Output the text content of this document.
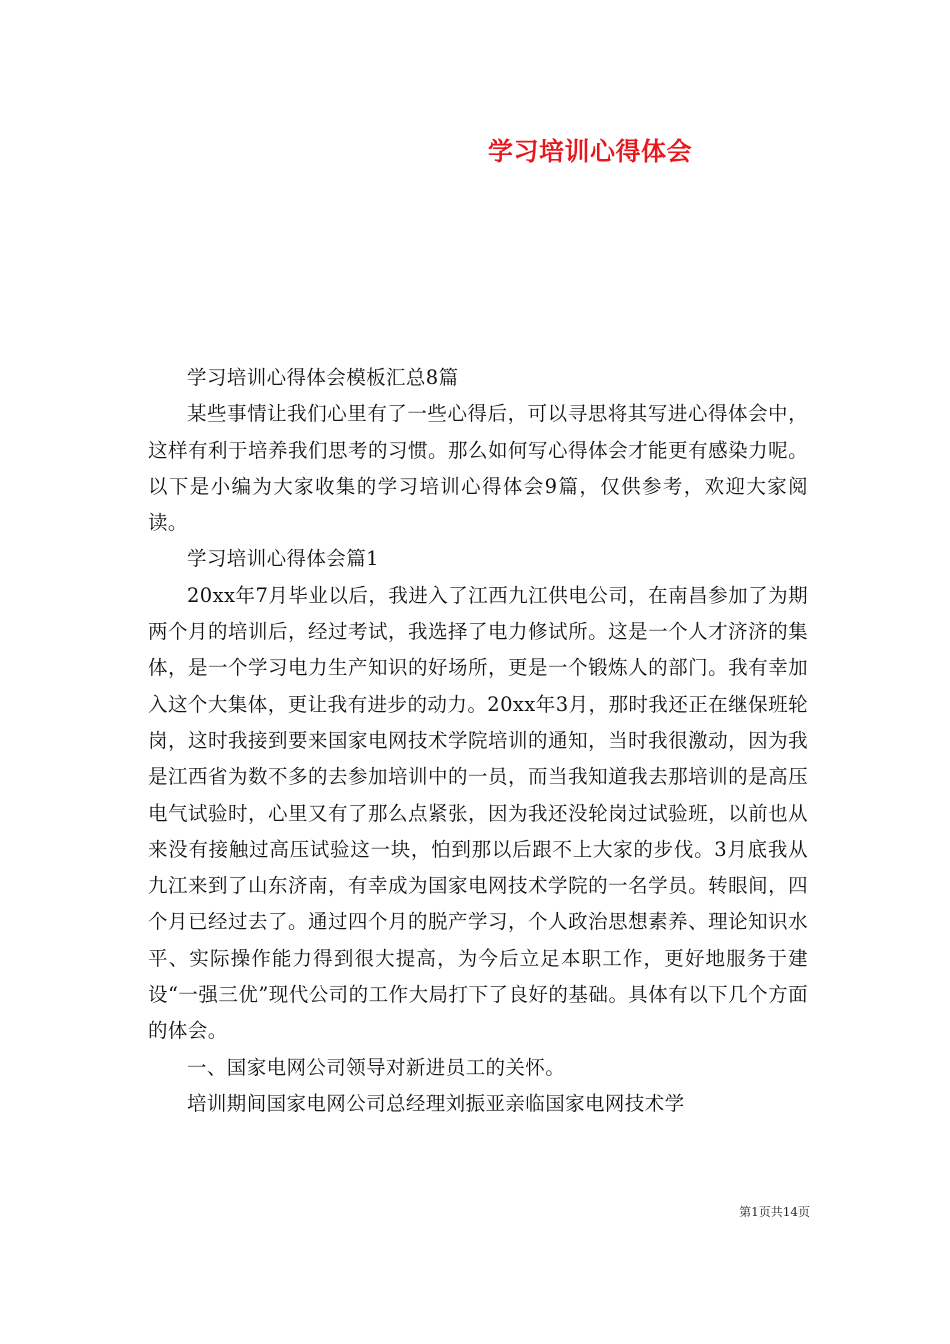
学习培训心得体会

学习培训心得体会模板汇总8篇

某些事情让我们心里有了一些心得后，可以寻思将其写进心得体会中，这样有利于培养我们思考的习惯。那么如何写心得体会才能更有感染力呢。以下是小编为大家收集的学习培训心得体会9篇，仅供参考，欢迎大家阅读。

学习培训心得体会篇1

20xx年7月毕业以后，我进入了江西九江供电公司，在南昌参加了为期两个月的培训后，经过考试，我选择了电力修试所。这是一个人才济济的集体，是一个学习电力生产知识的好场所，更是一个锻炼人的部门。我有幸加入这个大集体，更让我有进步的动力。20xx年3月，那时我还正在继保班轮岗，这时我接到要来国家电网技术学院培训的通知，当时我很激动，因为我是江西省为数不多的去参加培训中的一员，而当我知道我去那培训的是高压电气试验时，心里又有了那么点紧张，因为我还没轮岗过试验班，以前也从来没有接触过高压试验这一块，怕到那以后跟不上大家的步伐。3月底我从九江来到了山东济南，有幸成为国家电网技术学院的一名学员。转眼间，四个月已经过去了。通过四个月的脱产学习，个人政治思想素养、理论知识水平、实际操作能力得到很大提高，为今后立足本职工作，更好地服务于建设“一强三优”现代公司的工作大局打下了良好的基础。具体有以下几个方面的体会。

一、国家电网公司领导对新进员工的关怀。

培训期间国家电网公司总经理刘振亚亲临国家电网技术学

第1页共14页
